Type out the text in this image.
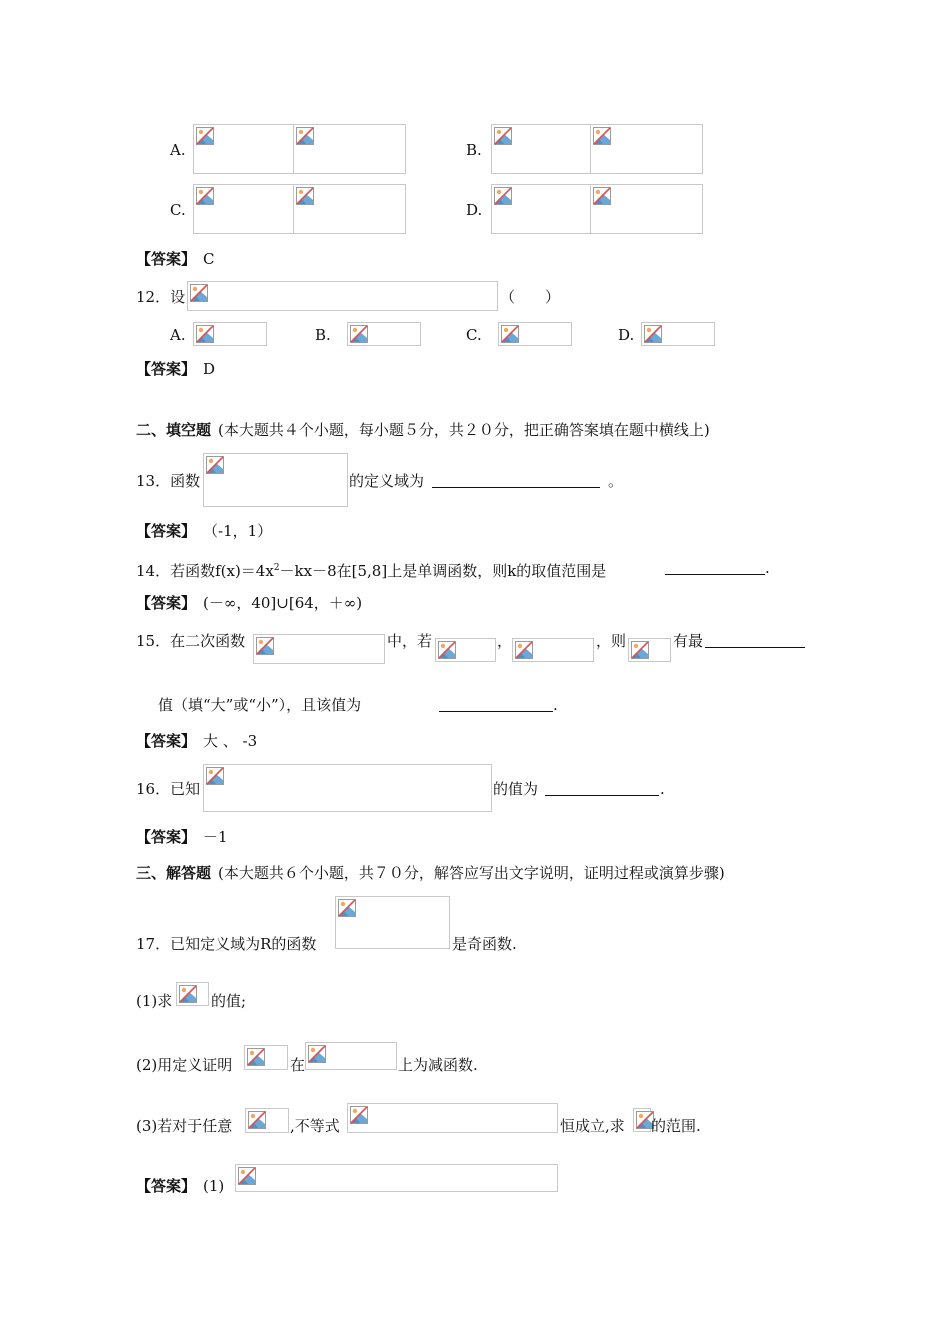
A.	B.
C.	D.
【答案】 C
12．设	（　　）
A.	B.	C.	D.
【答案】 D
二、填空题 (本大题共４个小题，每小题５分，共２０分，把正确答案填在题中横线上)
13．函数	的定义域为	。
【答案】 （-1，1）
14．若函数$f(x)=4x^2-kx-8$在[5,8]上是单调函数，则k的取值范围是	.
【答案】 (－∞，40]∪[64，＋∞)
15．在二次函数	中，若	，	，则	有最
值（填“大”或“小”），且该值为	.
【答案】 大 、 -3
16．已知	的值为	.
【答案】 －1
三、解答题 (本大题共６个小题，共７０分，解答应写出文字说明，证明过程或演算步骤)
17．已知定义域为R的函数	是奇函数.
(1)求	的值;
(2)用定义证明	在	上为减函数.
(3)若对于任意	,不等式	恒成立,求 的范围.
【答案】 (1)
